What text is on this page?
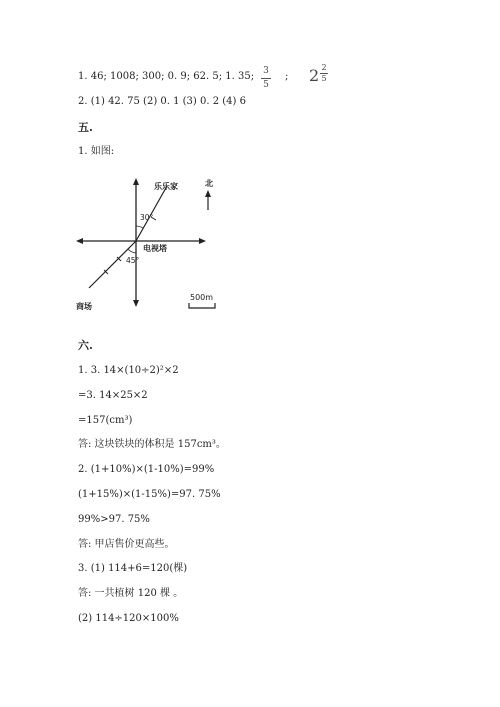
1. 46; 1008; 300; 0. 9; 62. 5; 1. 35; 3
5
; 2 2
5
2. (1) 42. 75 (2) 0. 1 (3) 0. 2 (4) 6
五.
1. 如图:
乐乐家	北
30°
电视塔
45°
商场
500m
六.
1. 3. 14×(10÷2)²×2
=3. 14×25×2
=157(cm³)
答: 这块铁块的体积是 157cm³。
2. (1+10%)×(1-10%)=99%
(1+15%)×(1-15%)=97. 75%
99%>97. 75%
答: 甲店售价更高些。
3. (1) 114+6=120(棵)
答: 一共植树 120 棵 。
(2) 114÷120×100%
